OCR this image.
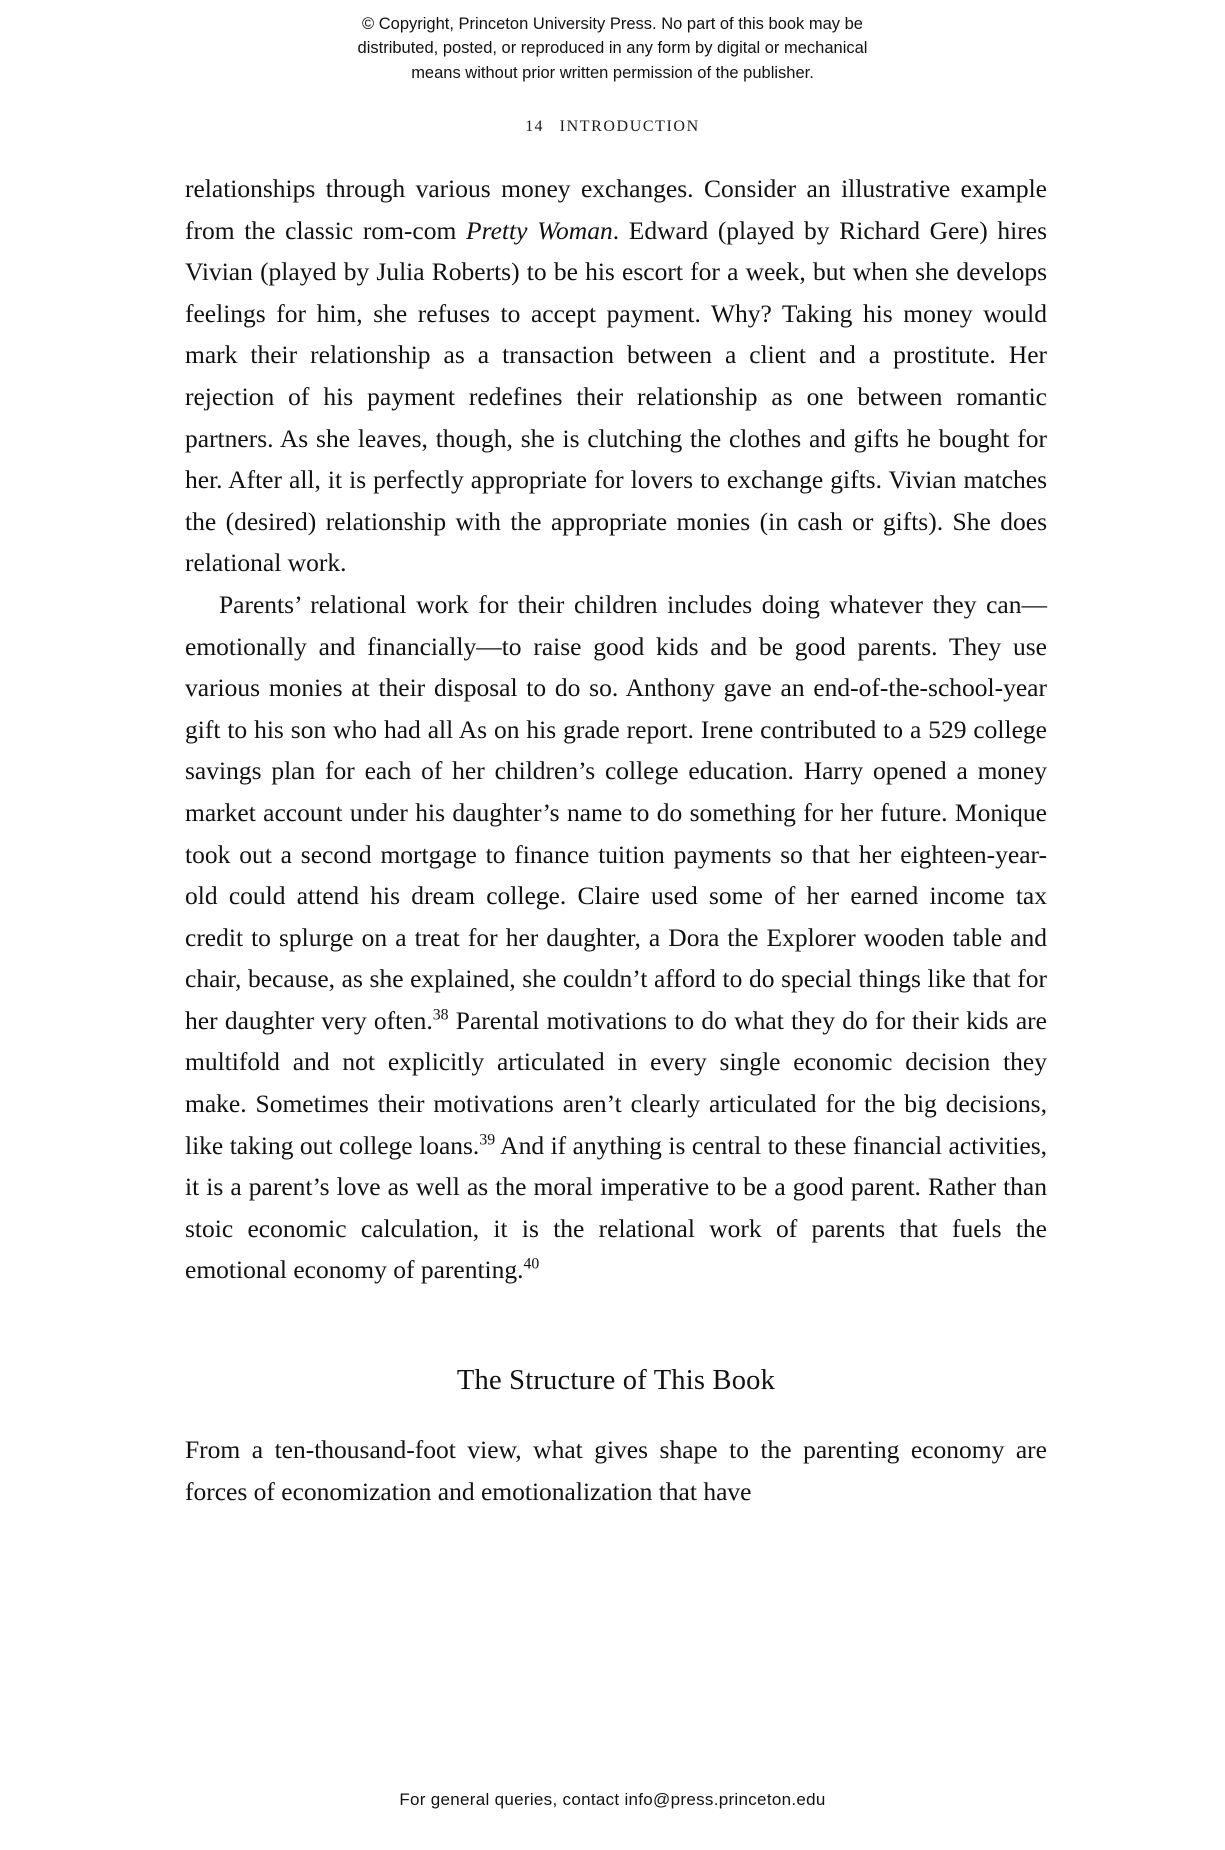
© Copyright, Princeton University Press. No part of this book may be
distributed, posted, or reproduced in any form by digital or mechanical
means without prior written permission of the publisher.
14 INTRODUCTION

relationships through various money exchanges. Consider an illustrative example from the classic rom-com Pretty Woman. Edward (played by Richard Gere) hires Vivian (played by Julia Roberts) to be his escort for a week, but when she develops feelings for him, she refuses to accept payment. Why? Taking his money would mark their relationship as a transaction between a client and a prostitute. Her rejection of his payment redefines their relationship as one between romantic partners. As she leaves, though, she is clutching the clothes and gifts he bought for her. After all, it is perfectly appropriate for lovers to exchange gifts. Vivian matches the (desired) relationship with the appropriate monies (in cash or gifts). She does relational work.

Parents’ relational work for their children includes doing whatever they can—emotionally and financially—to raise good kids and be good parents. They use various monies at their disposal to do so. Anthony gave an end-of-the-school-year gift to his son who had all As on his grade report. Irene contributed to a 529 college savings plan for each of her children’s college education. Harry opened a money market account under his daughter’s name to do something for her future. Monique took out a second mortgage to finance tuition payments so that her eighteen-year-old could attend his dream college. Claire used some of her earned income tax credit to splurge on a treat for her daughter, a Dora the Explorer wooden table and chair, because, as she explained, she couldn’t afford to do special things like that for her daughter very often.$^{38}$ Parental motivations to do what they do for their kids are multifold and not explicitly articulated in every single economic decision they make. Sometimes their motivations aren’t clearly articulated for the big decisions, like taking out college loans.$^{39}$ And if anything is central to these financial activities, it is a parent’s love as well as the moral imperative to be a good parent. Rather than stoic economic calculation, it is the relational work of parents that fuels the emotional economy of parenting.$^{40}$

The Structure of This Book

From a ten-thousand-foot view, what gives shape to the parenting economy are forces of economization and emotionalization that have

For general queries, contact info@press.princeton.edu
